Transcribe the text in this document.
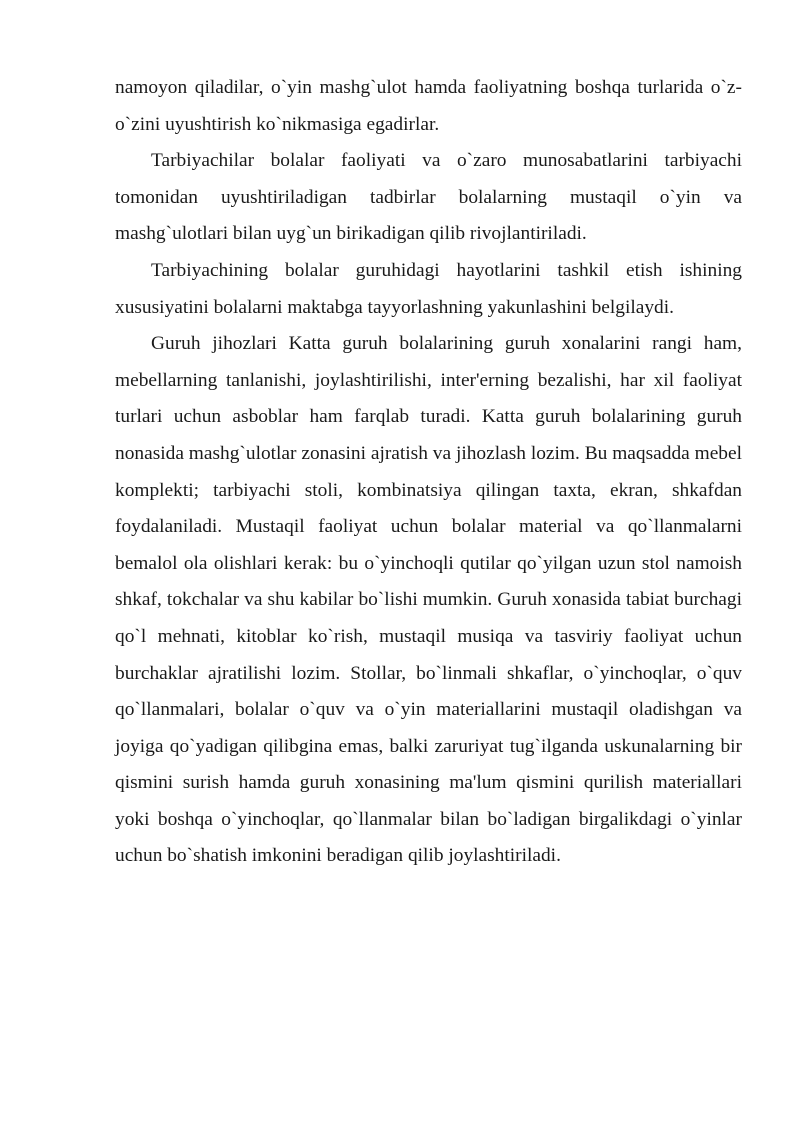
namoyon qiladilar, o`yin mashg`ulot hamda faoliyatning boshqa turlarida o`z-o`zini uyushtirish ko`nikmasiga egadirlar.

Tarbiyachilar bolalar faoliyati va o`zaro munosabatlarini tarbiyachi tomonidan uyushtiriladigan tadbirlar bolalarning mustaqil o`yin va mashg`ulotlari bilan uyg`un birikadigan qilib rivojlantiriladi.

Tarbiyachining bolalar guruhidagi hayotlarini tashkil etish ishining xususiyatini bolalarni maktabga tayyorlashning yakunlashini belgilaydi.

Guruh jihozlari Katta guruh bolalarining guruh xonalarini rangi ham, mebellarning tanlanishi, joylashtirilishi, inter'erning bezalishi, har xil faoliyat turlari uchun asboblar ham farqlab turadi. Katta guruh bolalarining guruh nonasida mashg`ulotlar zonasini ajratish va jihozlash lozim. Bu maqsadda mebel komplekti; tarbiyachi stoli, kombinatsiya qilingan taxta, ekran, shkafdan foydalaniladi. Mustaqil faoliyat uchun bolalar material va qo`llanmalarni bemalol ola olishlari kerak: bu o`yinchoqli qutilar qo`yilgan uzun stol namoish shkaf, tokchalar va shu kabilar bo`lishi mumkin. Guruh xonasida tabiat burchagi qo`l mehnati, kitoblar ko`rish, mustaqil musiqa va tasviriy faoliyat uchun burchaklar ajratilishi lozim. Stollar, bo`linmali shkaflar, o`yinchoqlar, o`quv qo`llanmalari, bolalar o`quv va o`yin materiallarini mustaqil oladishgan va joyiga qo`yadigan qilibgina emas, balki zaruriyat tug`ilganda uskunalarning bir qismini surish hamda guruh xonasining ma'lum qismini qurilish materiallari yoki boshqa o`yinchoqlar, qo`llanmalar bilan bo`ladigan birgalikdagi o`yinlar uchun bo`shatish imkonini beradigan qilib joylashtiriladi.
